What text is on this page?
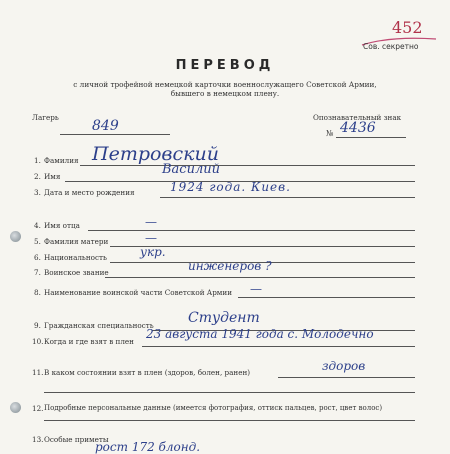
452
Сов. секретно
ПЕРЕВОД
с личной трофейной немецкой карточки военнослужащего Советской Армии,
бывшего в немецком плену.
Лагерь
849
Опознавательный знак
№ 4436
1. Фамилия Петровский
2. Имя	Василий
3. Дата и место рождения	1924 года. Киев.
4. Имя отца	—
5. Фамилия матери	—
6. Национальность	укр.
7. Воинское звание	инженеров ?
8. Наименование воинской части Советской Армии —
9. Гражданская специальность Студент
10. Когда и где взят в плен
23 августа 1941 года с. Молодечно
11. В каком состоянии взят в плен (здоров, болен, ранен)	здоров
12. Подробные персональные данные (имеется фотография, оттиск пальцев, рост, цвет волос)
13. Особые приметы
рост 172 блонд.
